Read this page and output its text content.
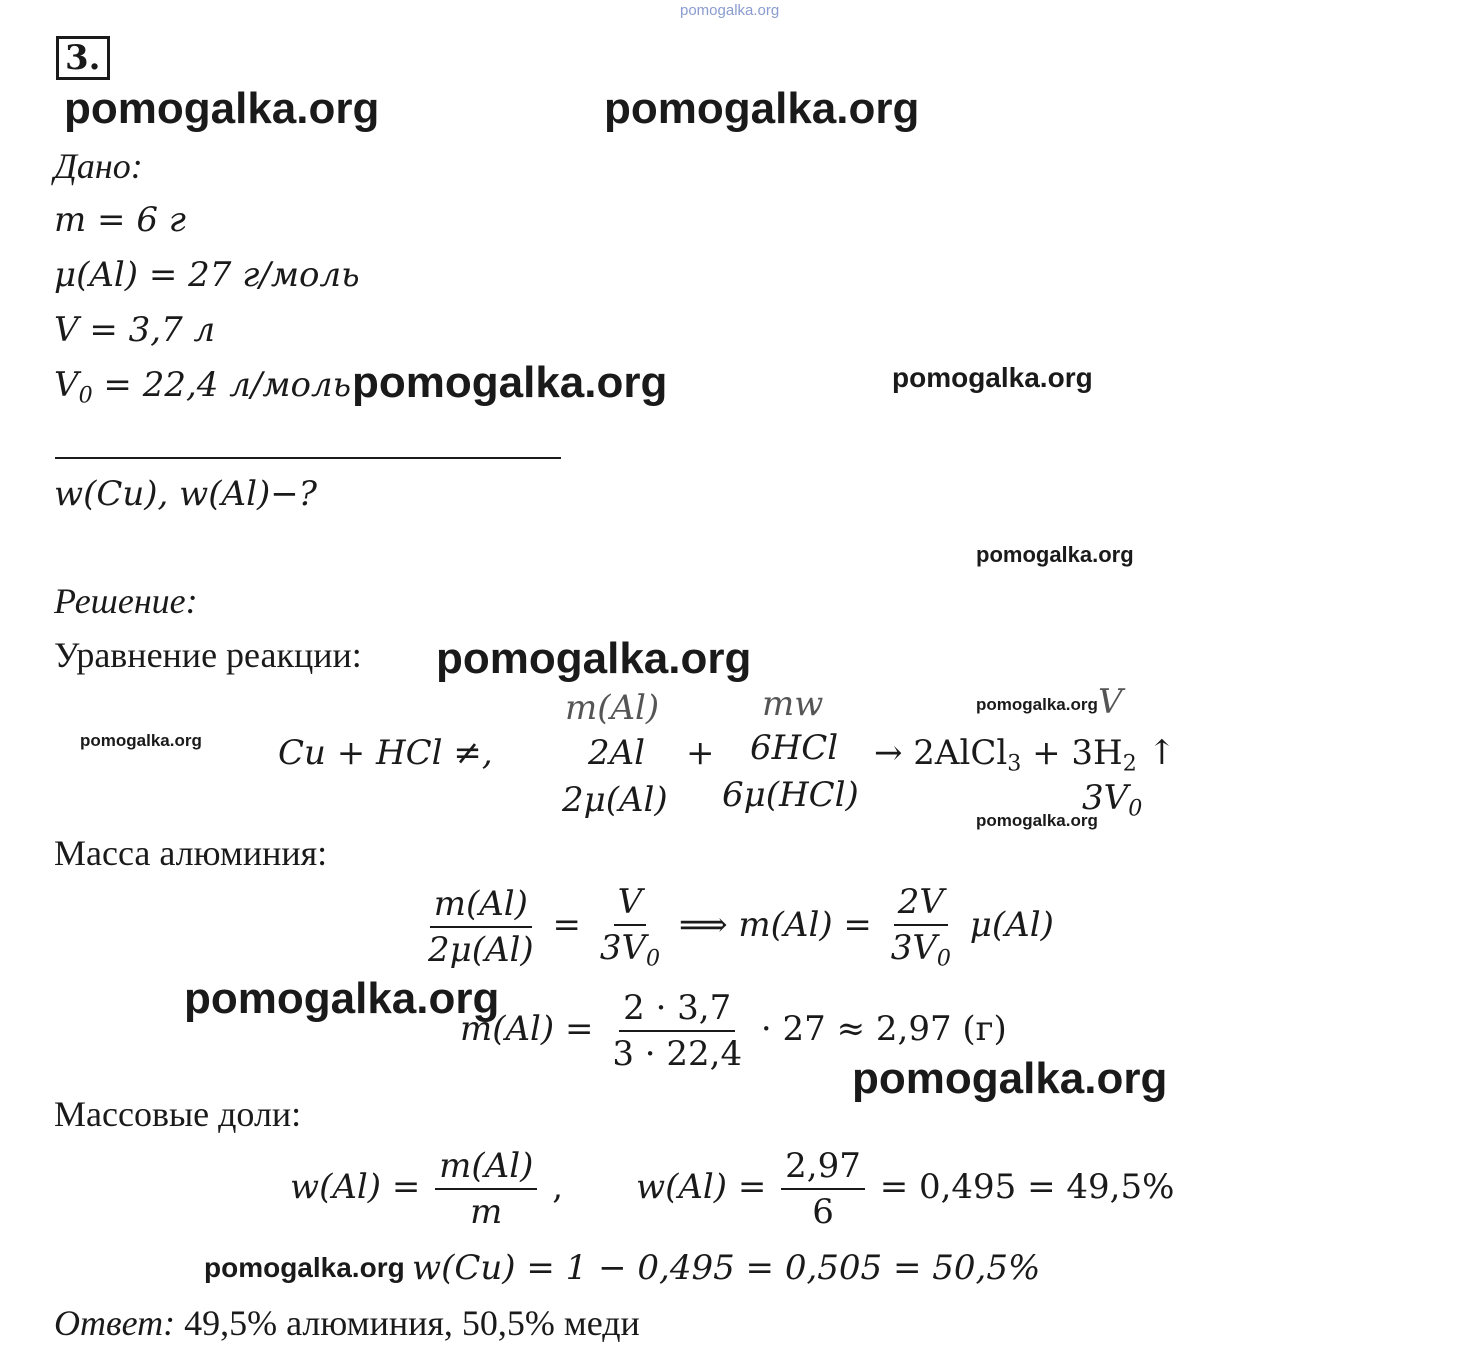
pomogalka.org
3.
pomogalka.org	pomogalka.org
Дано:
m = 6 г
μ(Al) = 27 г/моль
V = 3,7 л
$V_0 = 22,4$ л/моль pomogalka.org	pomogalka.org
w(Cu), w(Al)−?
pomogalka.org
Решение:
Уравнение реакции: pomogalka.org
pomogalka.org Cu + HCl ≠,
m(Al)
2Al
2μ(Al)
+
mw
6HCl
6μ(HCl)
→ 2AlCl$_3$ + $3H_2$ ↑
pomogalka.org V
$3V_0$
pomogalka.org
Масса алюминия:
$\frac{m(Al)}{2\mu(Al)} = \frac{V}{3V_0}$ ⟹ $m(Al) = \frac{2V}{3V_0} \mu(Al)$
pomogalka.org
$m(Al) = \frac{2 \cdot 3,7}{3 \cdot 22,4} \cdot 27 \approx 2,97$ (г)
pomogalka.org
Массовые доли:
$w(Al) = \frac{m(Al)}{m}$ , $w(Al) = \frac{2,97}{6} = 0,495 = 49,5\%$
pomogalka.org w(Cu) = 1 − 0,495 = 0,505 = 50,5%
Ответ: 49,5% алюминия, 50,5% меди
